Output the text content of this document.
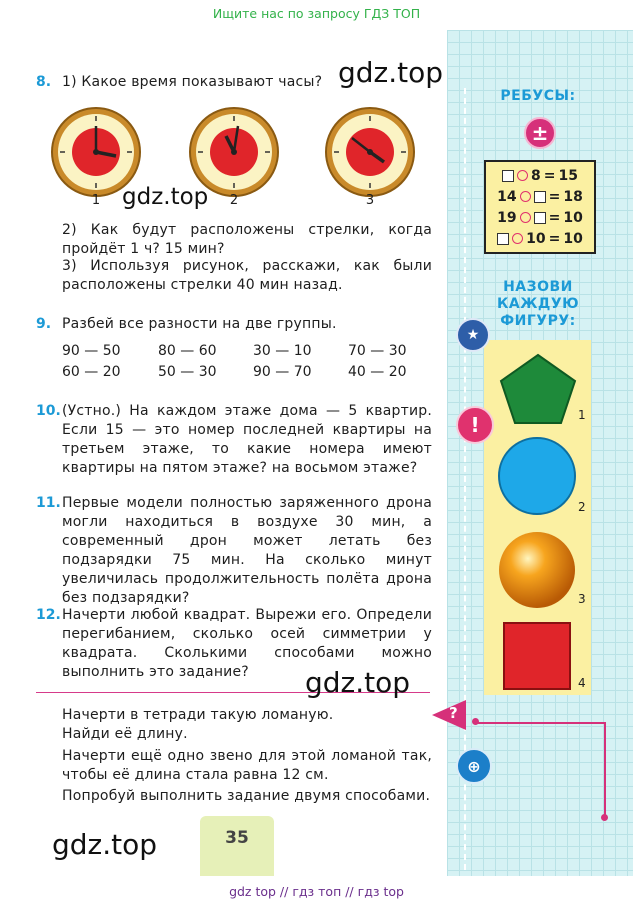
Ищите нас по запросу ГДЗ ТОП
gdz top // гдз топ // гдз top
8. 1) Какое время показывают часы?
1	2	3
2) Как будут расположены стрелки, когда пройдёт 1 ч? 15 мин?
3) Используя рисунок, расскажи, как были расположены стрелки 40 мин назад.
9. Разбей все разности на две группы.
90 — 50	80 — 60	30 — 10	70 — 30
60 — 20	50 — 30	90 — 70	40 — 20
10. (Устно.) На каждом этаже дома — 5 квартир. Если 15 — это номер последней квартиры на третьем этаже, то какие номера имеют квартиры на пятом этаже? на восьмом этаже?
11. Первые модели полностью заряженного дрона могли находиться в воздухе 30 мин, а современный дрон может летать без подзарядки 75 мин. На сколько минут увеличилась продолжительность полёта дрона без подзарядки?
12. Начерти любой квадрат. Вырежи его. Определи перегибанием, сколько осей симметрии у квадрата. Сколькими способами можно выполнить это задание?
Начерти в тетради такую ломаную.
Найди её длину.
Начерти ещё одно звено для этой ломаной так, чтобы её длина стала равна 12 см.
Попробуй выполнить задание двумя способами.
gdz.top
gdz.top
gdz.top
gdz.top	35
РЕБУСЫ:
±
8 = 15
14 = 18
19 = 10
10 = 10
НАЗОВИ
КАЖДУЮ
ФИГУРУ:
1
2
3
4
★
!
⊕
?
